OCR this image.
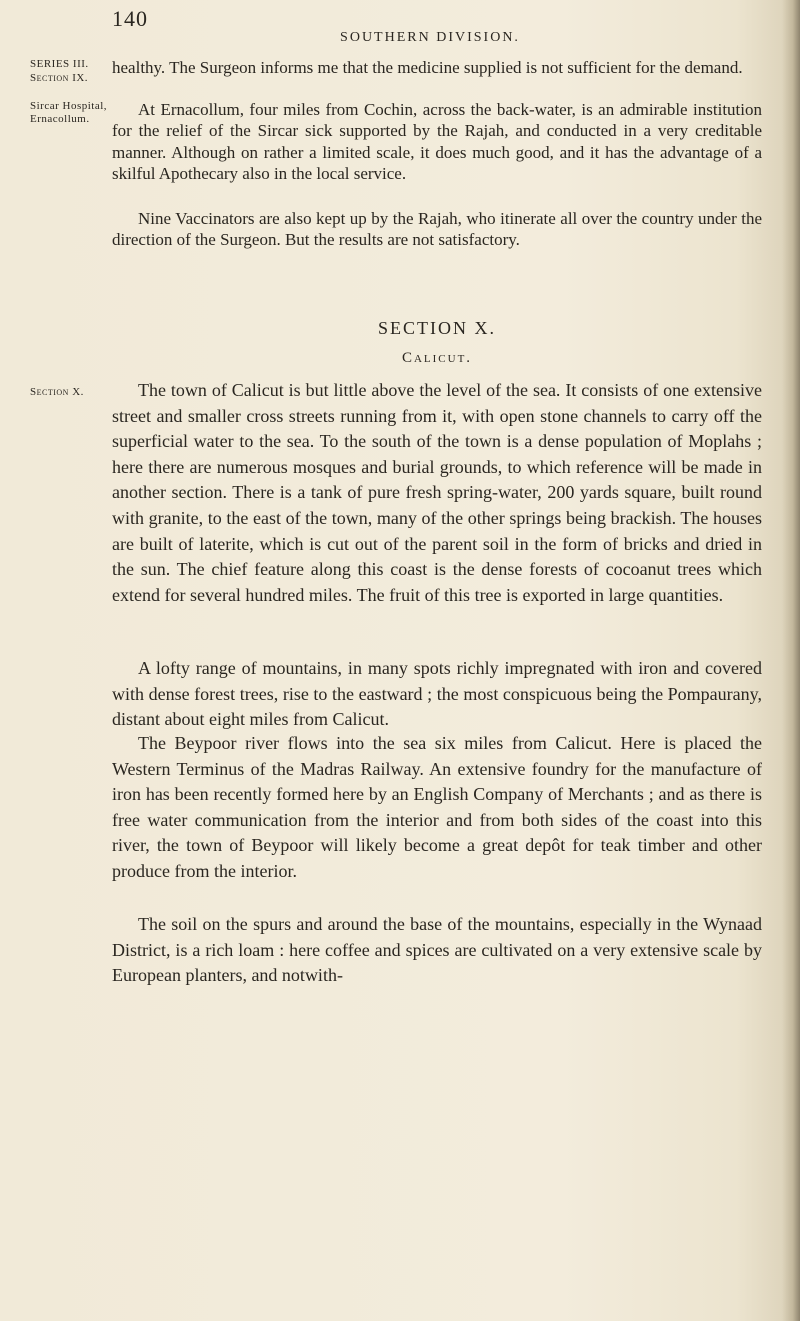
140
SOUTHERN DIVISION.
SERIES III.
Section IX.
Sircar Hospital,
Ernacollum.
Section X.

healthy. The Surgeon informs me that the medicine supplied is not sufficient for the demand.

At Ernacollum, four miles from Cochin, across the back-water, is an admirable institution for the relief of the Sircar sick supported by the Rajah, and conducted in a very creditable manner. Although on rather a limited scale, it does much good, and it has the advantage of a skilful Apothecary also in the local service.

Nine Vaccinators are also kept up by the Rajah, who itinerate all over the country under the direction of the Surgeon. But the results are not satisfactory.

SECTION X.
Calicut.

The town of Calicut is but little above the level of the sea. It consists of one extensive street and smaller cross streets running from it, with open stone channels to carry off the superficial water to the sea. To the south of the town is a dense population of Moplahs ; here there are numerous mosques and burial grounds, to which reference will be made in another section. There is a tank of pure fresh spring-water, 200 yards square, built round with granite, to the east of the town, many of the other springs being brackish. The houses are built of laterite, which is cut out of the parent soil in the form of bricks and dried in the sun. The chief feature along this coast is the dense forests of cocoanut trees which extend for several hundred miles. The fruit of this tree is exported in large quantities.

A lofty range of mountains, in many spots richly impregnated with iron and covered with dense forest trees, rise to the eastward ; the most conspicuous being the Pompaurany, distant about eight miles from Calicut.

The Beypoor river flows into the sea six miles from Calicut. Here is placed the Western Terminus of the Madras Railway. An extensive foundry for the manufacture of iron has been recently formed here by an English Company of Merchants ; and as there is free water communication from the interior and from both sides of the coast into this river, the town of Beypoor will likely become a great depôt for teak timber and other produce from the interior.

The soil on the spurs and around the base of the mountains, especially in the Wynaad District, is a rich loam : here coffee and spices are cultivated on a very extensive scale by European planters, and notwith-
